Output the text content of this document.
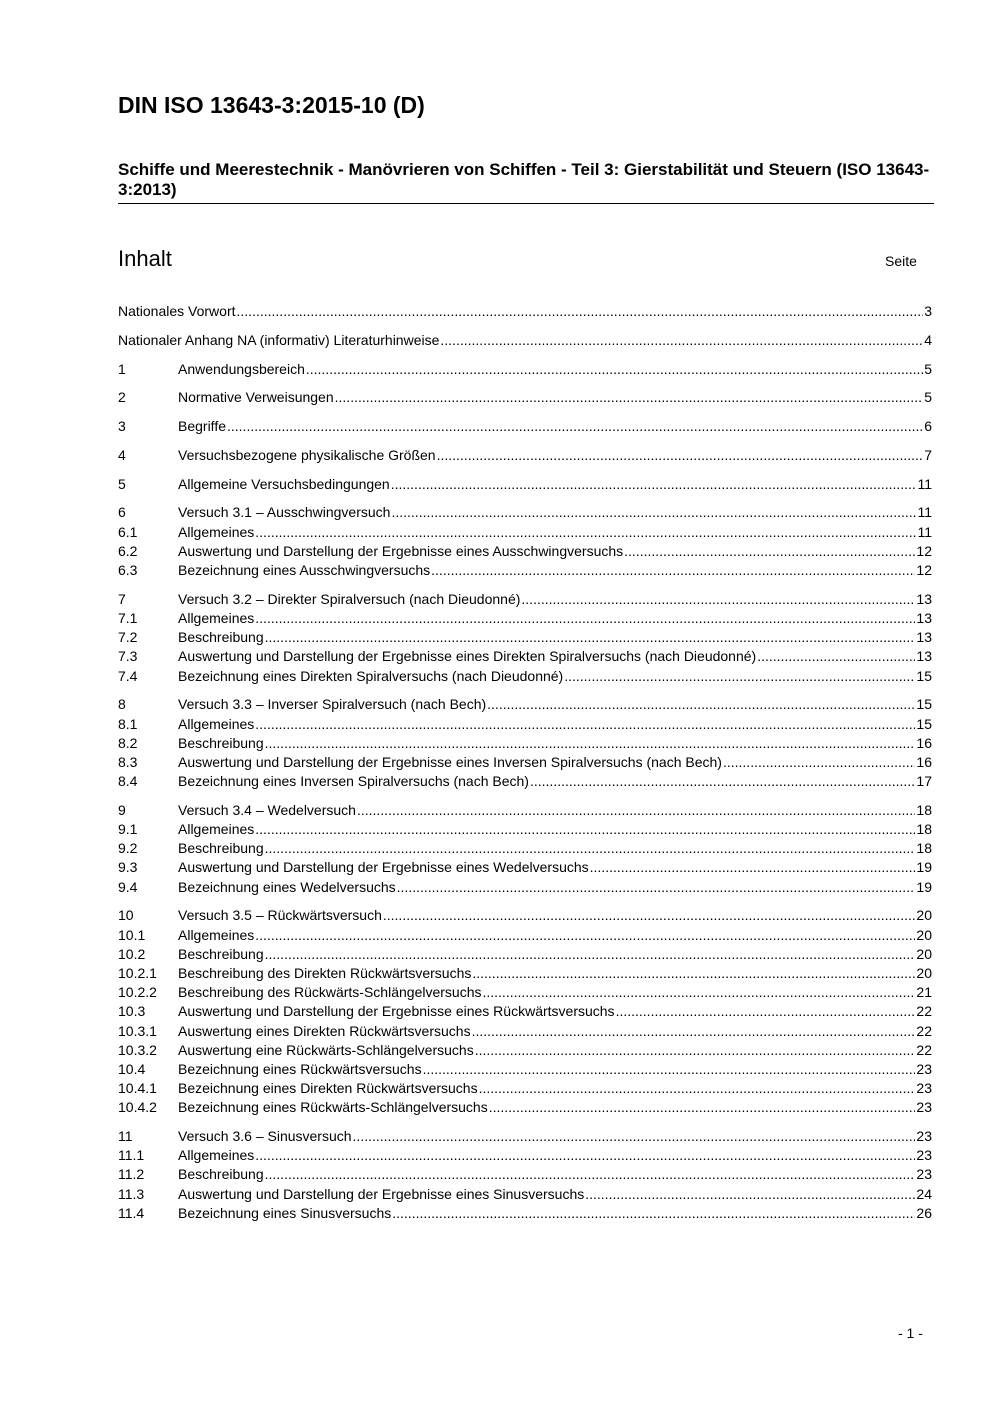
DIN ISO 13643-3:2015-10 (D)
Schiffe und Meerestechnik - Manövrieren von Schiffen - Teil 3: Gierstabilität und Steuern (ISO 13643-3:2013)
Inhalt	Seite
Nationales Vorwort .....	3
Nationaler Anhang NA (informativ) Literaturhinweise .....	4
1	Anwendungsbereich .....	5
2	Normative Verweisungen .....	5
3	Begriffe .....	6
4	Versuchsbezogene physikalische Größen .....	7
5	Allgemeine Versuchsbedingungen .....	11
6	Versuch 3.1 – Ausschwingversuch .....	11
6.1	Allgemeines .....	11
6.2	Auswertung und Darstellung der Ergebnisse eines Ausschwingversuchs .....	12
6.3	Bezeichnung eines Ausschwingversuchs .....	12
7	Versuch 3.2 – Direkter Spiralversuch (nach Dieudonné) .....	13
7.1	Allgemeines .....	13
7.2	Beschreibung .....	13
7.3	Auswertung und Darstellung der Ergebnisse eines Direkten Spiralversuchs (nach Dieudonné) .....	13
7.4	Bezeichnung eines Direkten Spiralversuchs (nach Dieudonné) .....	15
8	Versuch 3.3 – Inverser Spiralversuch (nach Bech) .....	15
8.1	Allgemeines .....	15
8.2	Beschreibung .....	16
8.3	Auswertung und Darstellung der Ergebnisse eines Inversen Spiralversuchs (nach Bech) .....	16
8.4	Bezeichnung eines Inversen Spiralversuchs (nach Bech) .....	17
9	Versuch 3.4 – Wedelversuch .....	18
9.1	Allgemeines .....	18
9.2	Beschreibung .....	18
9.3	Auswertung und Darstellung der Ergebnisse eines Wedelversuchs .....	19
9.4	Bezeichnung eines Wedelversuchs .....	19
10	Versuch 3.5 – Rückwärtsversuch .....	20
10.1	Allgemeines .....	20
10.2	Beschreibung .....	20
10.2.1	Beschreibung des Direkten Rückwärtsversuchs .....	20
10.2.2	Beschreibung des Rückwärts-Schlängelversuchs .....	21
10.3	Auswertung und Darstellung der Ergebnisse eines Rückwärtsversuchs .....	22
10.3.1	Auswertung eines Direkten Rückwärtsversuchs .....	22
10.3.2	Auswertung eine Rückwärts-Schlängelversuchs .....	22
10.4	Bezeichnung eines Rückwärtsversuchs .....	23
10.4.1	Bezeichnung eines Direkten Rückwärtsversuchs .....	23
10.4.2	Bezeichnung eines Rückwärts-Schlängelversuchs .....	23
11	Versuch 3.6 – Sinusversuch .....	23
11.1	Allgemeines .....	23
11.2	Beschreibung .....	23
11.3	Auswertung und Darstellung der Ergebnisse eines Sinusversuchs .....	24
11.4	Bezeichnung eines Sinusversuchs .....	26
- 1 -
